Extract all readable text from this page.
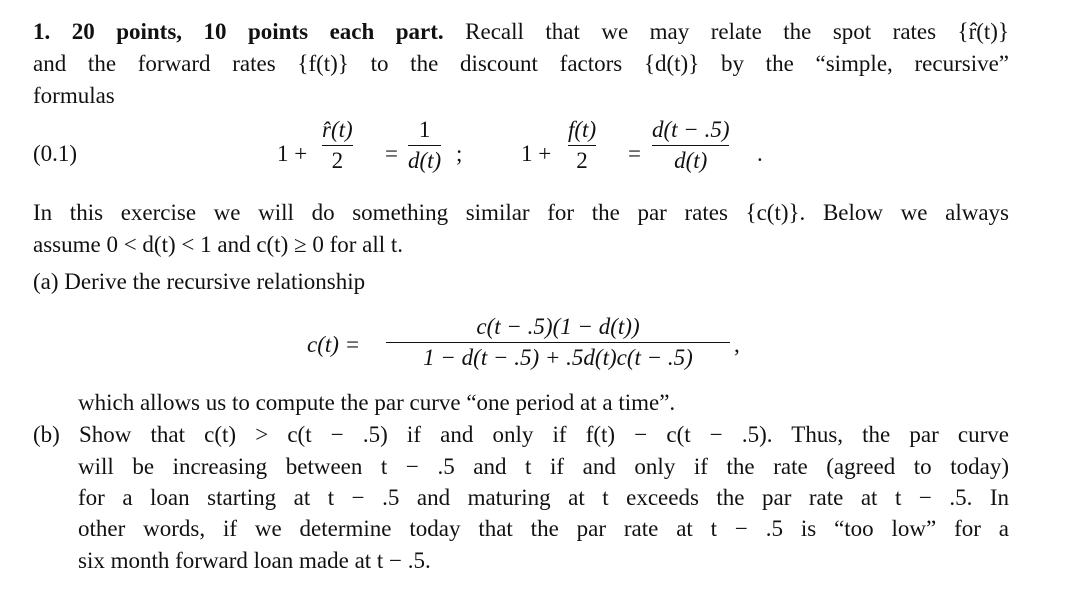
1. 20 points, 10 points each part. Recall that we may relate the spot rates {r̂(t)}
and the forward rates {f(t)} to the discount factors {d(t)} by the “simple, recursive”
formulas
(0.1)	1 +
r̂(t)
2 =
1
d(t) ;	1 +
f(t)
2 =
d(t − .5)
d(t) .
In this exercise we will do something similar for the par rates {c(t)}. Below we always
assume 0 < d(t) < 1 and c(t) ≥ 0 for all t.
(a) Derive the recursive relationship
c(t) =
c(t − .5)(1 − d(t))
1 − d(t − .5) + .5d(t)c(t − .5)
,
which allows us to compute the par curve “one period at a time”.
(b) Show that c(t) > c(t − .5) if and only if f(t) − c(t − .5). Thus, the par curve
will be increasing between t − .5 and t if and only if the rate (agreed to today)
for a loan starting at t − .5 and maturing at t exceeds the par rate at t − .5. In
other words, if we determine today that the par rate at t − .5 is “too low” for a
six month forward loan made at t − .5.
